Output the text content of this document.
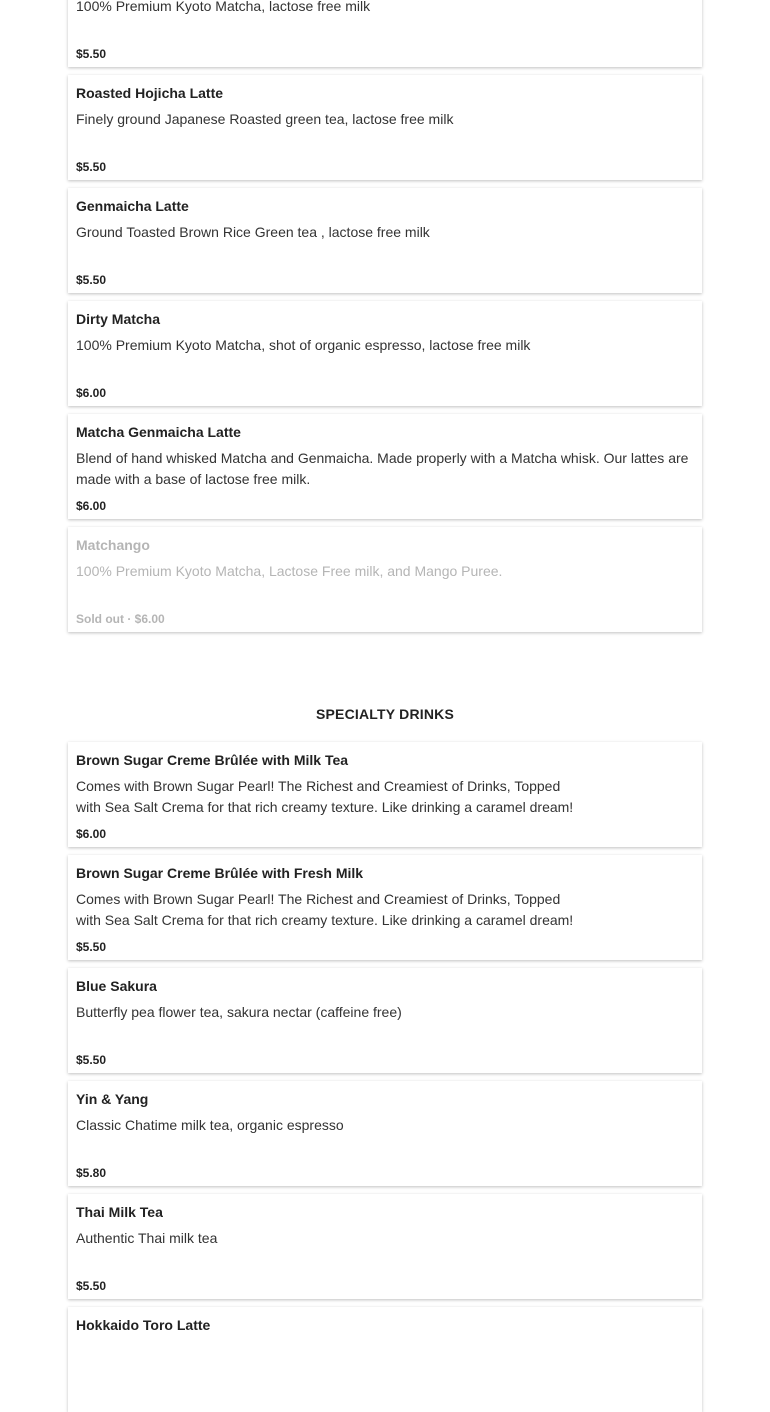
100% Premium Kyoto Matcha, lactose free milk
$5.50
Roasted Hojicha Latte
Finely ground Japanese Roasted green tea, lactose free milk
$5.50
Genmaicha Latte
Ground Toasted Brown Rice Green tea , lactose free milk
$5.50
Dirty Matcha
100% Premium Kyoto Matcha, shot of organic espresso, lactose free milk
$6.00
Matcha Genmaicha Latte
Blend of hand whisked Matcha and Genmaicha. Made properly with a Matcha whisk. Our lattes are made with a base of lactose free milk.
$6.00
Matchango
100% Premium Kyoto Matcha, Lactose Free milk, and Mango Puree.
Sold out · $6.00
SPECIALTY DRINKS
Brown Sugar Creme Brûlée with Milk Tea
Comes with Brown Sugar Pearl! The Richest and Creamiest of Drinks, Topped with Sea Salt Crema for that rich creamy texture. Like drinking a caramel dream!
$6.00
Brown Sugar Creme Brûlée with Fresh Milk
Comes with Brown Sugar Pearl! The Richest and Creamiest of Drinks, Topped with Sea Salt Crema for that rich creamy texture. Like drinking a caramel dream!
$5.50
Blue Sakura
Butterfly pea flower tea, sakura nectar (caffeine free)
$5.50
Yin & Yang
Classic Chatime milk tea, organic espresso
$5.80
Thai Milk Tea
Authentic Thai milk tea
$5.50
Hokkaido Toro Latte
